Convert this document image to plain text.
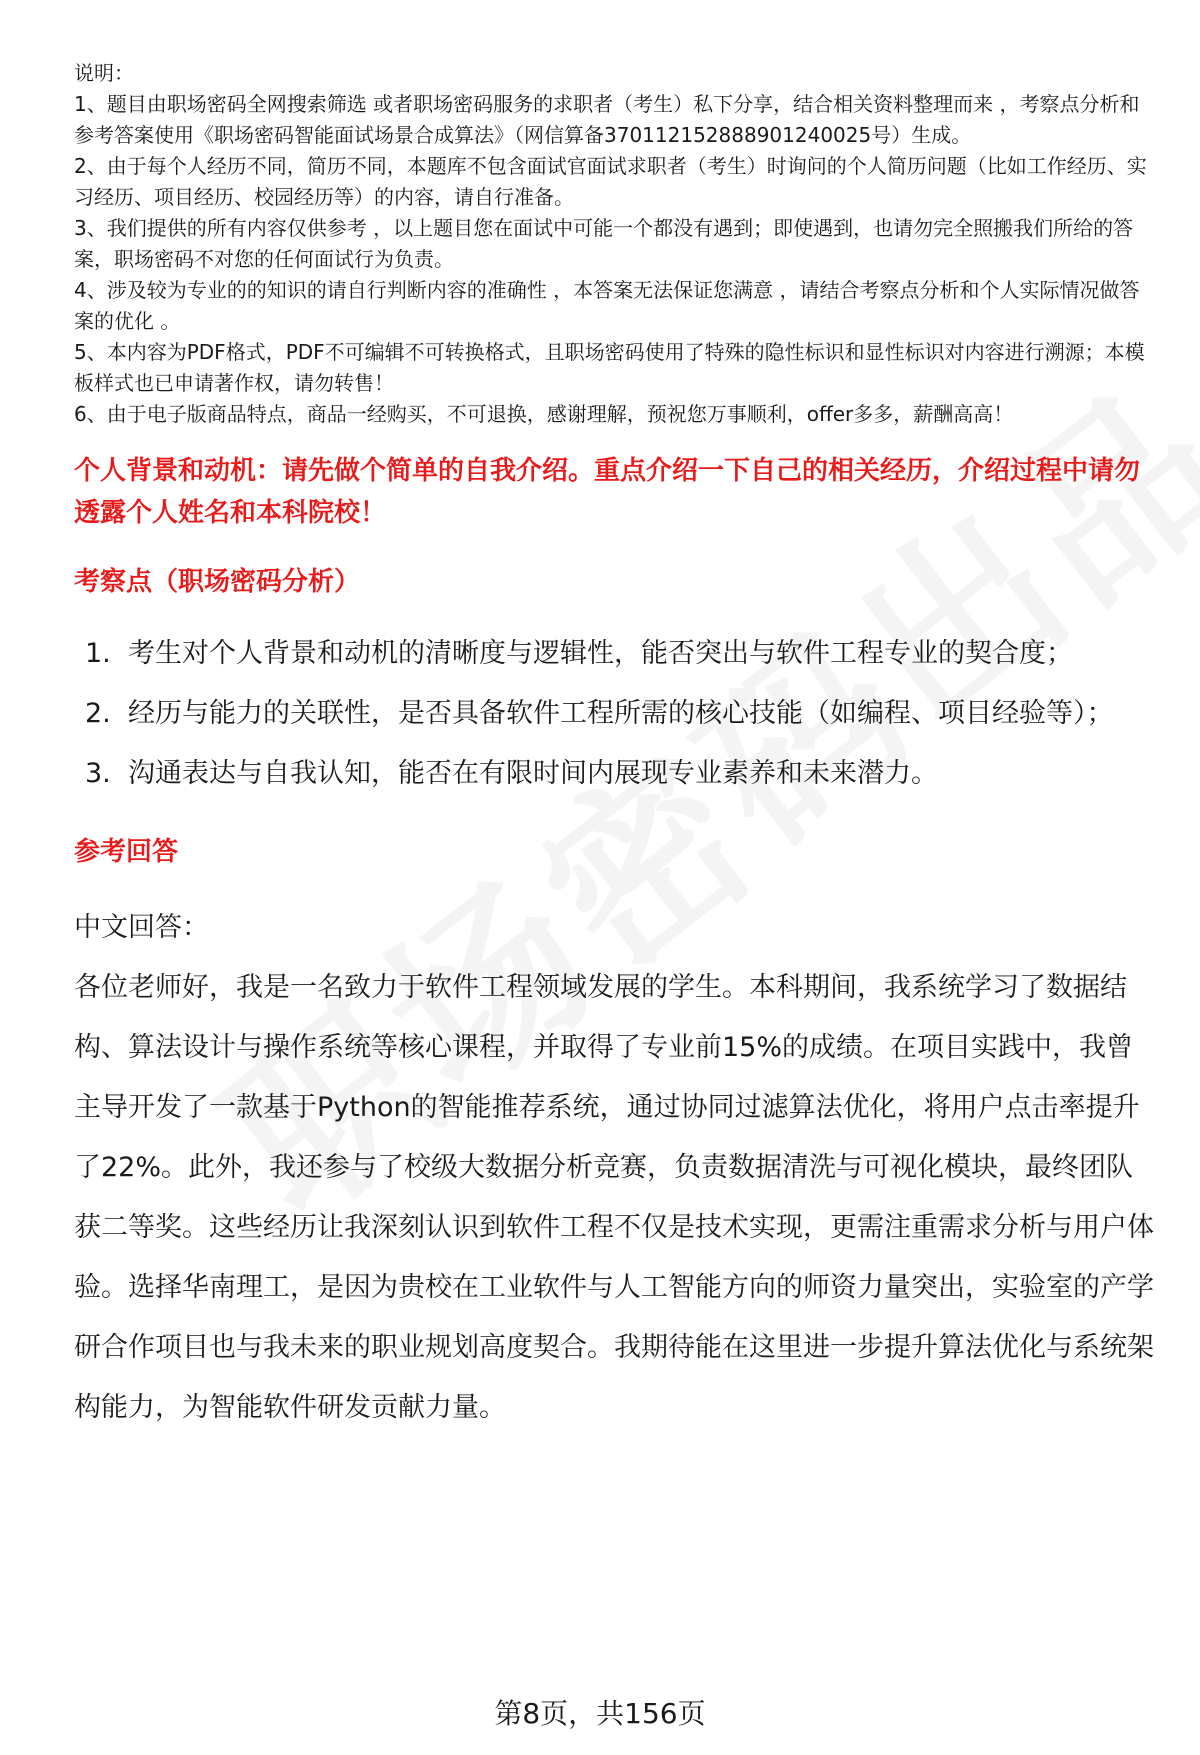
说明：

1、题目由职场密码全网搜索筛选 或者职场密码服务的求职者（考生）私下分享，结合相关资料整理而来 ，考察点分析和参考答案使用《职场密码智能面试场景合成算法》（网信算备370112152888901240025号）生成。

2、由于每个人经历不同，简历不同，本题库不包含面试官面试求职者（考生）时询问的个人简历问题（比如工作经历、实习经历、项目经历、校园经历等）的内容，请自行准备。

3、我们提供的所有内容仅供参考 ，以上题目您在面试中可能一个都没有遇到；即使遇到，也请勿完全照搬我们所给的答案，职场密码不对您的任何面试行为负责。

4、涉及较为专业的的知识的请自行判断内容的准确性 ，本答案无法保证您满意 ，请结合考察点分析和个人实际情况做答案的优化 。

5、本内容为PDF格式，PDF不可编辑不可转换格式，且职场密码使用了特殊的隐性标识和显性标识对内容进行溯源；本模板样式也已申请著作权，请勿转售！

6、由于电子版商品特点，商品一经购买，不可退换，感谢理解，预祝您万事顺利，offer多多，薪酬高高！

个人背景和动机：请先做个简单的自我介绍。重点介绍一下自己的相关经历，介绍过程中请勿透露个人姓名和本科院校！
考察点（职场密码分析）
1. 考生对个人背景和动机的清晰度与逻辑性，能否突出与软件工程专业的契合度；
2. 经历与能力的关联性，是否具备软件工程所需的核心技能（如编程、项目经验等）；
3. 沟通表达与自我认知，能否在有限时间内展现专业素养和未来潜力。
参考回答
中文回答：
各位老师好，我是一名致力于软件工程领域发展的学生。本科期间，我系统学习了数据结构、算法设计与操作系统等核心课程，并取得了专业前15%的成绩。在项目实践中，我曾主导开发了一款基于Python的智能推荐系统，通过协同过滤算法优化，将用户点击率提升了22%。此外，我还参与了校级大数据分析竞赛，负责数据清洗与可视化模块，最终团队获二等奖。这些经历让我深刻认识到软件工程不仅是技术实现，更需注重需求分析与用户体验。选择华南理工，是因为贵校在工业软件与人工智能方向的师资力量突出，实验室的产学研合作项目也与我未来的职业规划高度契合。我期待能在这里进一步提升算法优化与系统架构能力，为智能软件研发贡献力量。
第8页，共156页
